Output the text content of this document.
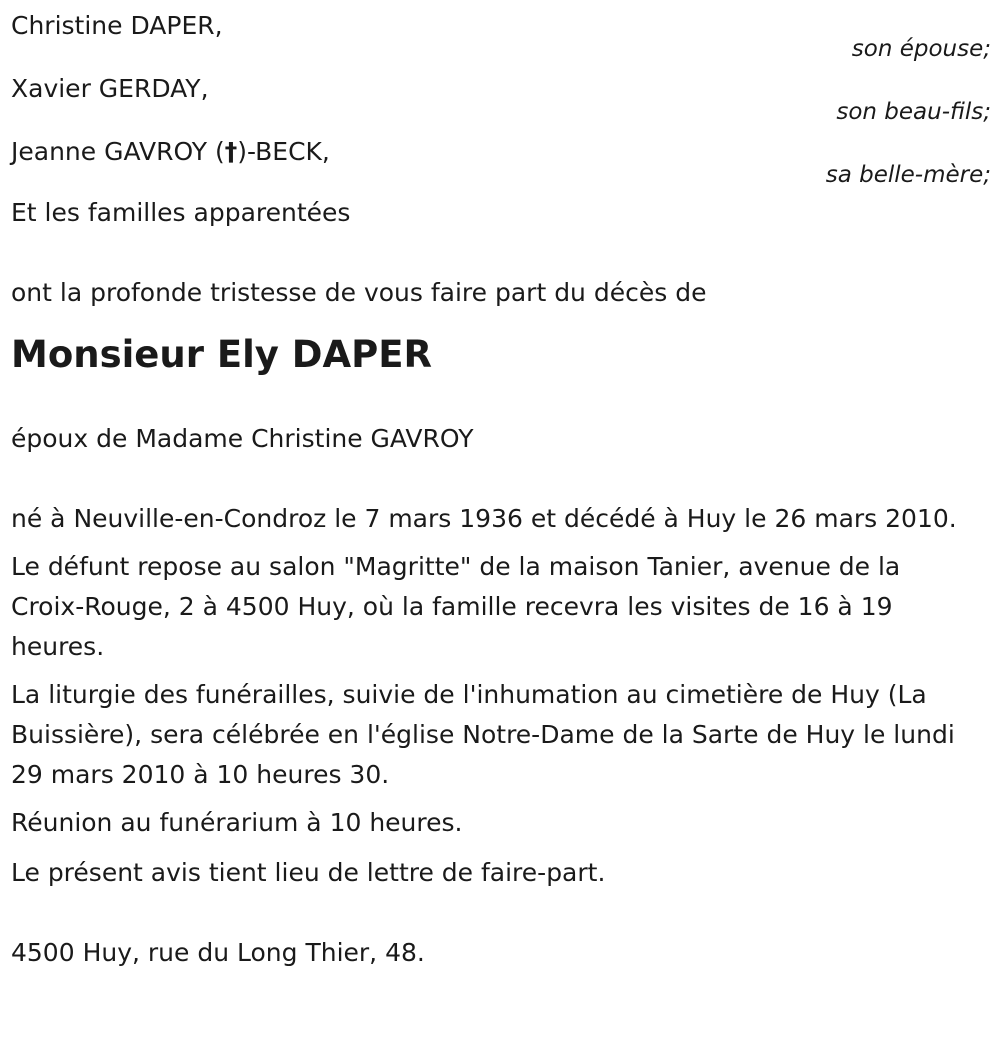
Christine DAPER,
son épouse;
Xavier GERDAY,
son beau-fils;
Jeanne GAVROY (†)-BECK,
sa belle-mère;
Et les familles apparentées
ont la profonde tristesse de vous faire part du décès de
Monsieur Ely DAPER
époux de Madame Christine GAVROY
né à Neuville-en-Condroz le 7 mars 1936 et décédé à Huy le 26 mars 2010.
Le défunt repose au salon "Magritte" de la maison Tanier, avenue de la Croix-Rouge, 2 à 4500 Huy, où la famille recevra les visites de 16 à 19 heures.
La liturgie des funérailles, suivie de l'inhumation au cimetière de Huy (La Buissière), sera célébrée en l'église Notre-Dame de la Sarte de Huy le lundi 29 mars 2010 à 10 heures 30.
Réunion au funérarium à 10 heures.
Le présent avis tient lieu de lettre de faire-part.
4500 Huy, rue du Long Thier, 48.
